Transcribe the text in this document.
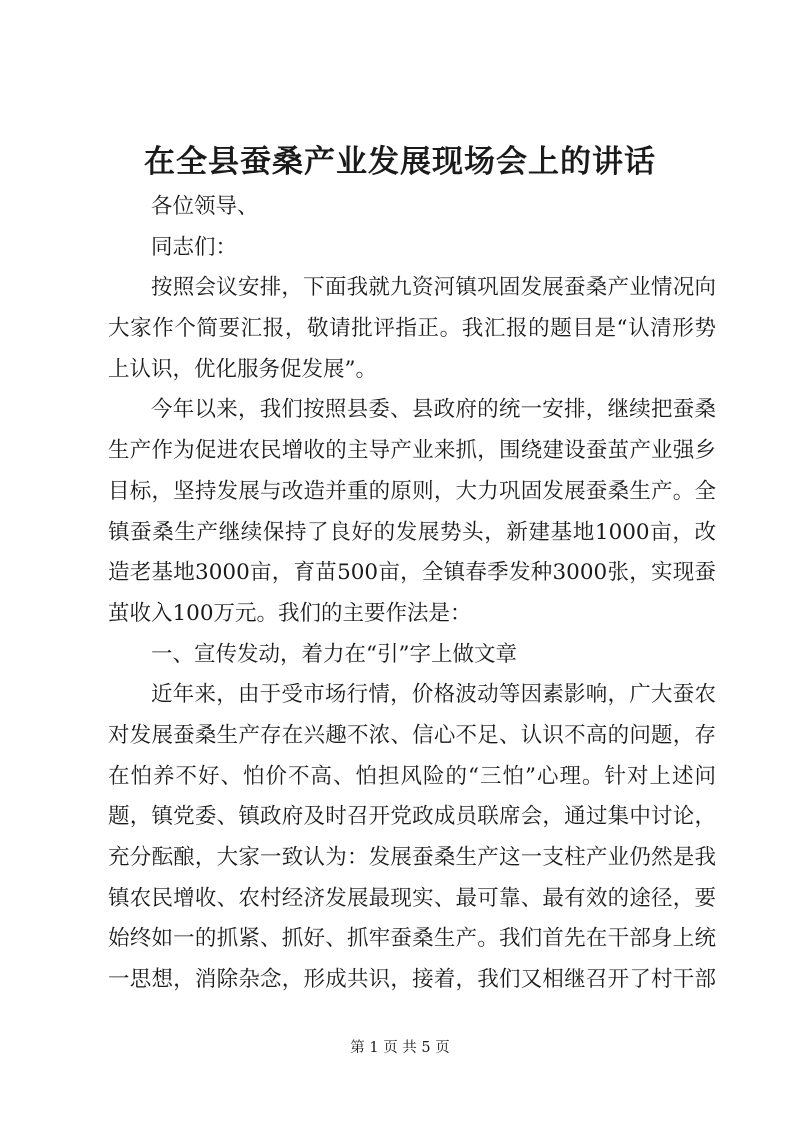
在全县蚕桑产业发展现场会上的讲话
各位领导、
同志们：
按照会议安排，下面我就九资河镇巩固发展蚕桑产业情况向
大家作个简要汇报，敬请批评指正。我汇报的题目是“认清形势
上认识，优化服务促发展”。
今年以来，我们按照县委、县政府的统一安排，继续把蚕桑
生产作为促进农民增收的主导产业来抓，围绕建设蚕茧产业强乡
目标，坚持发展与改造并重的原则，大力巩固发展蚕桑生产。全
镇蚕桑生产继续保持了良好的发展势头，新建基地1000亩，改
造老基地3000亩，育苗500亩，全镇春季发种3000张，实现蚕
茧收入100万元。我们的主要作法是：
一、宣传发动，着力在“引”字上做文章
近年来，由于受市场行情，价格波动等因素影响，广大蚕农
对发展蚕桑生产存在兴趣不浓、信心不足、认识不高的问题，存
在怕养不好、怕价不高、怕担风险的“三怕”心理。针对上述问
题，镇党委、镇政府及时召开党政成员联席会，通过集中讨论，
充分酝酿，大家一致认为：发展蚕桑生产这一支柱产业仍然是我
镇农民增收、农村经济发展最现实、最可靠、最有效的途径，要
始终如一的抓紧、抓好、抓牢蚕桑生产。我们首先在干部身上统
一思想，消除杂念，形成共识，接着，我们又相继召开了村干部
第 1 页 共 5 页
